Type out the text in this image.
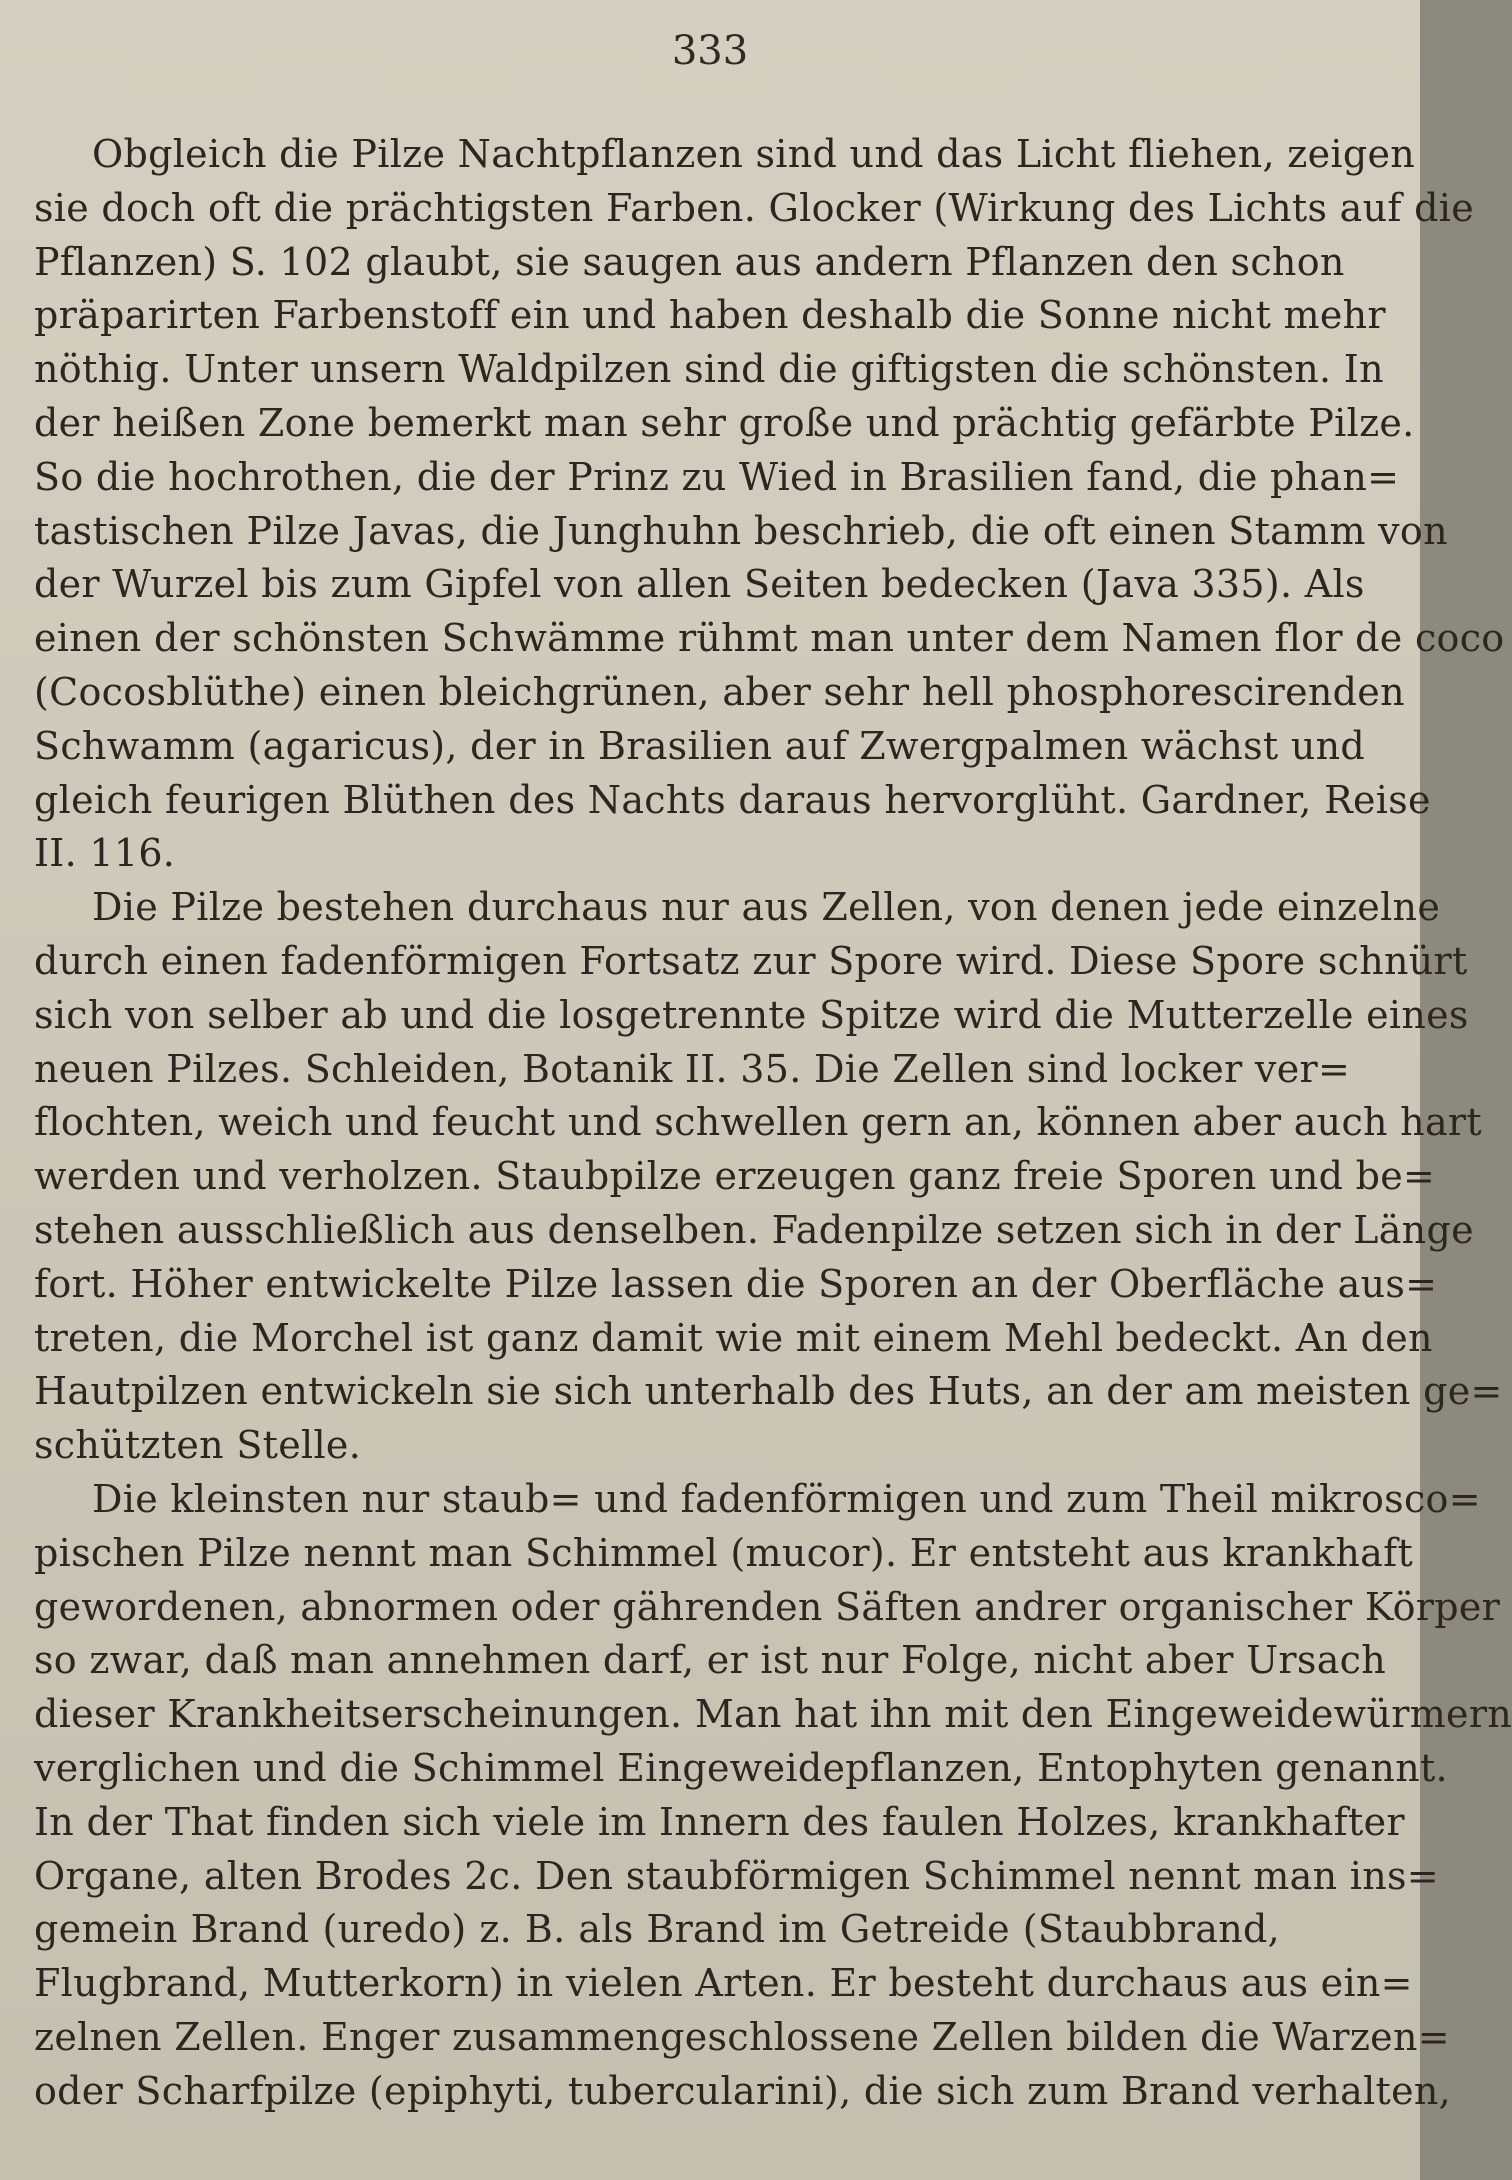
333
Obgleich die Pilze Nachtpflanzen sind und das Licht fliehen, zeigen
sie doch oft die prächtigsten Farben. Glocker (Wirkung des Lichts auf die
Pflanzen) S. 102 glaubt, sie saugen aus andern Pflanzen den schon
präparirten Farbenstoff ein und haben deshalb die Sonne nicht mehr
nöthig. Unter unsern Waldpilzen sind die giftigsten die schönsten. In
der heißen Zone bemerkt man sehr große und prächtig gefärbte Pilze.
So die hochrothen, die der Prinz zu Wied in Brasilien fand, die phan=
tastischen Pilze Javas, die Junghuhn beschrieb, die oft einen Stamm von
der Wurzel bis zum Gipfel von allen Seiten bedecken (Java 335). Als
einen der schönsten Schwämme rühmt man unter dem Namen flor de coco
(Cocosblüthe) einen bleichgrünen, aber sehr hell phosphorescirenden
Schwamm (agaricus), der in Brasilien auf Zwergpalmen wächst und
gleich feurigen Blüthen des Nachts daraus hervorglüht. Gardner, Reise
II. 116.
Die Pilze bestehen durchaus nur aus Zellen, von denen jede einzelne
durch einen fadenförmigen Fortsatz zur Spore wird. Diese Spore schnürt
sich von selber ab und die losgetrennte Spitze wird die Mutterzelle eines
neuen Pilzes. Schleiden, Botanik II. 35. Die Zellen sind locker ver=
flochten, weich und feucht und schwellen gern an, können aber auch hart
werden und verholzen. Staubpilze erzeugen ganz freie Sporen und be=
stehen ausschließlich aus denselben. Fadenpilze setzen sich in der Länge
fort. Höher entwickelte Pilze lassen die Sporen an der Oberfläche aus=
treten, die Morchel ist ganz damit wie mit einem Mehl bedeckt. An den
Hautpilzen entwickeln sie sich unterhalb des Huts, an der am meisten ge=
schützten Stelle.
Die kleinsten nur staub= und fadenförmigen und zum Theil mikrosco=
pischen Pilze nennt man Schimmel (mucor). Er entsteht aus krankhaft
gewordenen, abnormen oder gährenden Säften andrer organischer Körper
so zwar, daß man annehmen darf, er ist nur Folge, nicht aber Ursach
dieser Krankheitserscheinungen. Man hat ihn mit den Eingeweidewürmern
verglichen und die Schimmel Eingeweidepflanzen, Entophyten genannt.
In der That finden sich viele im Innern des faulen Holzes, krankhafter
Organe, alten Brodes 2c. Den staubförmigen Schimmel nennt man ins=
gemein Brand (uredo) z. B. als Brand im Getreide (Staubbrand,
Flugbrand, Mutterkorn) in vielen Arten. Er besteht durchaus aus ein=
zelnen Zellen. Enger zusammengeschlossene Zellen bilden die Warzen=
oder Scharfpilze (epiphyti, tubercularini), die sich zum Brand verhalten,
